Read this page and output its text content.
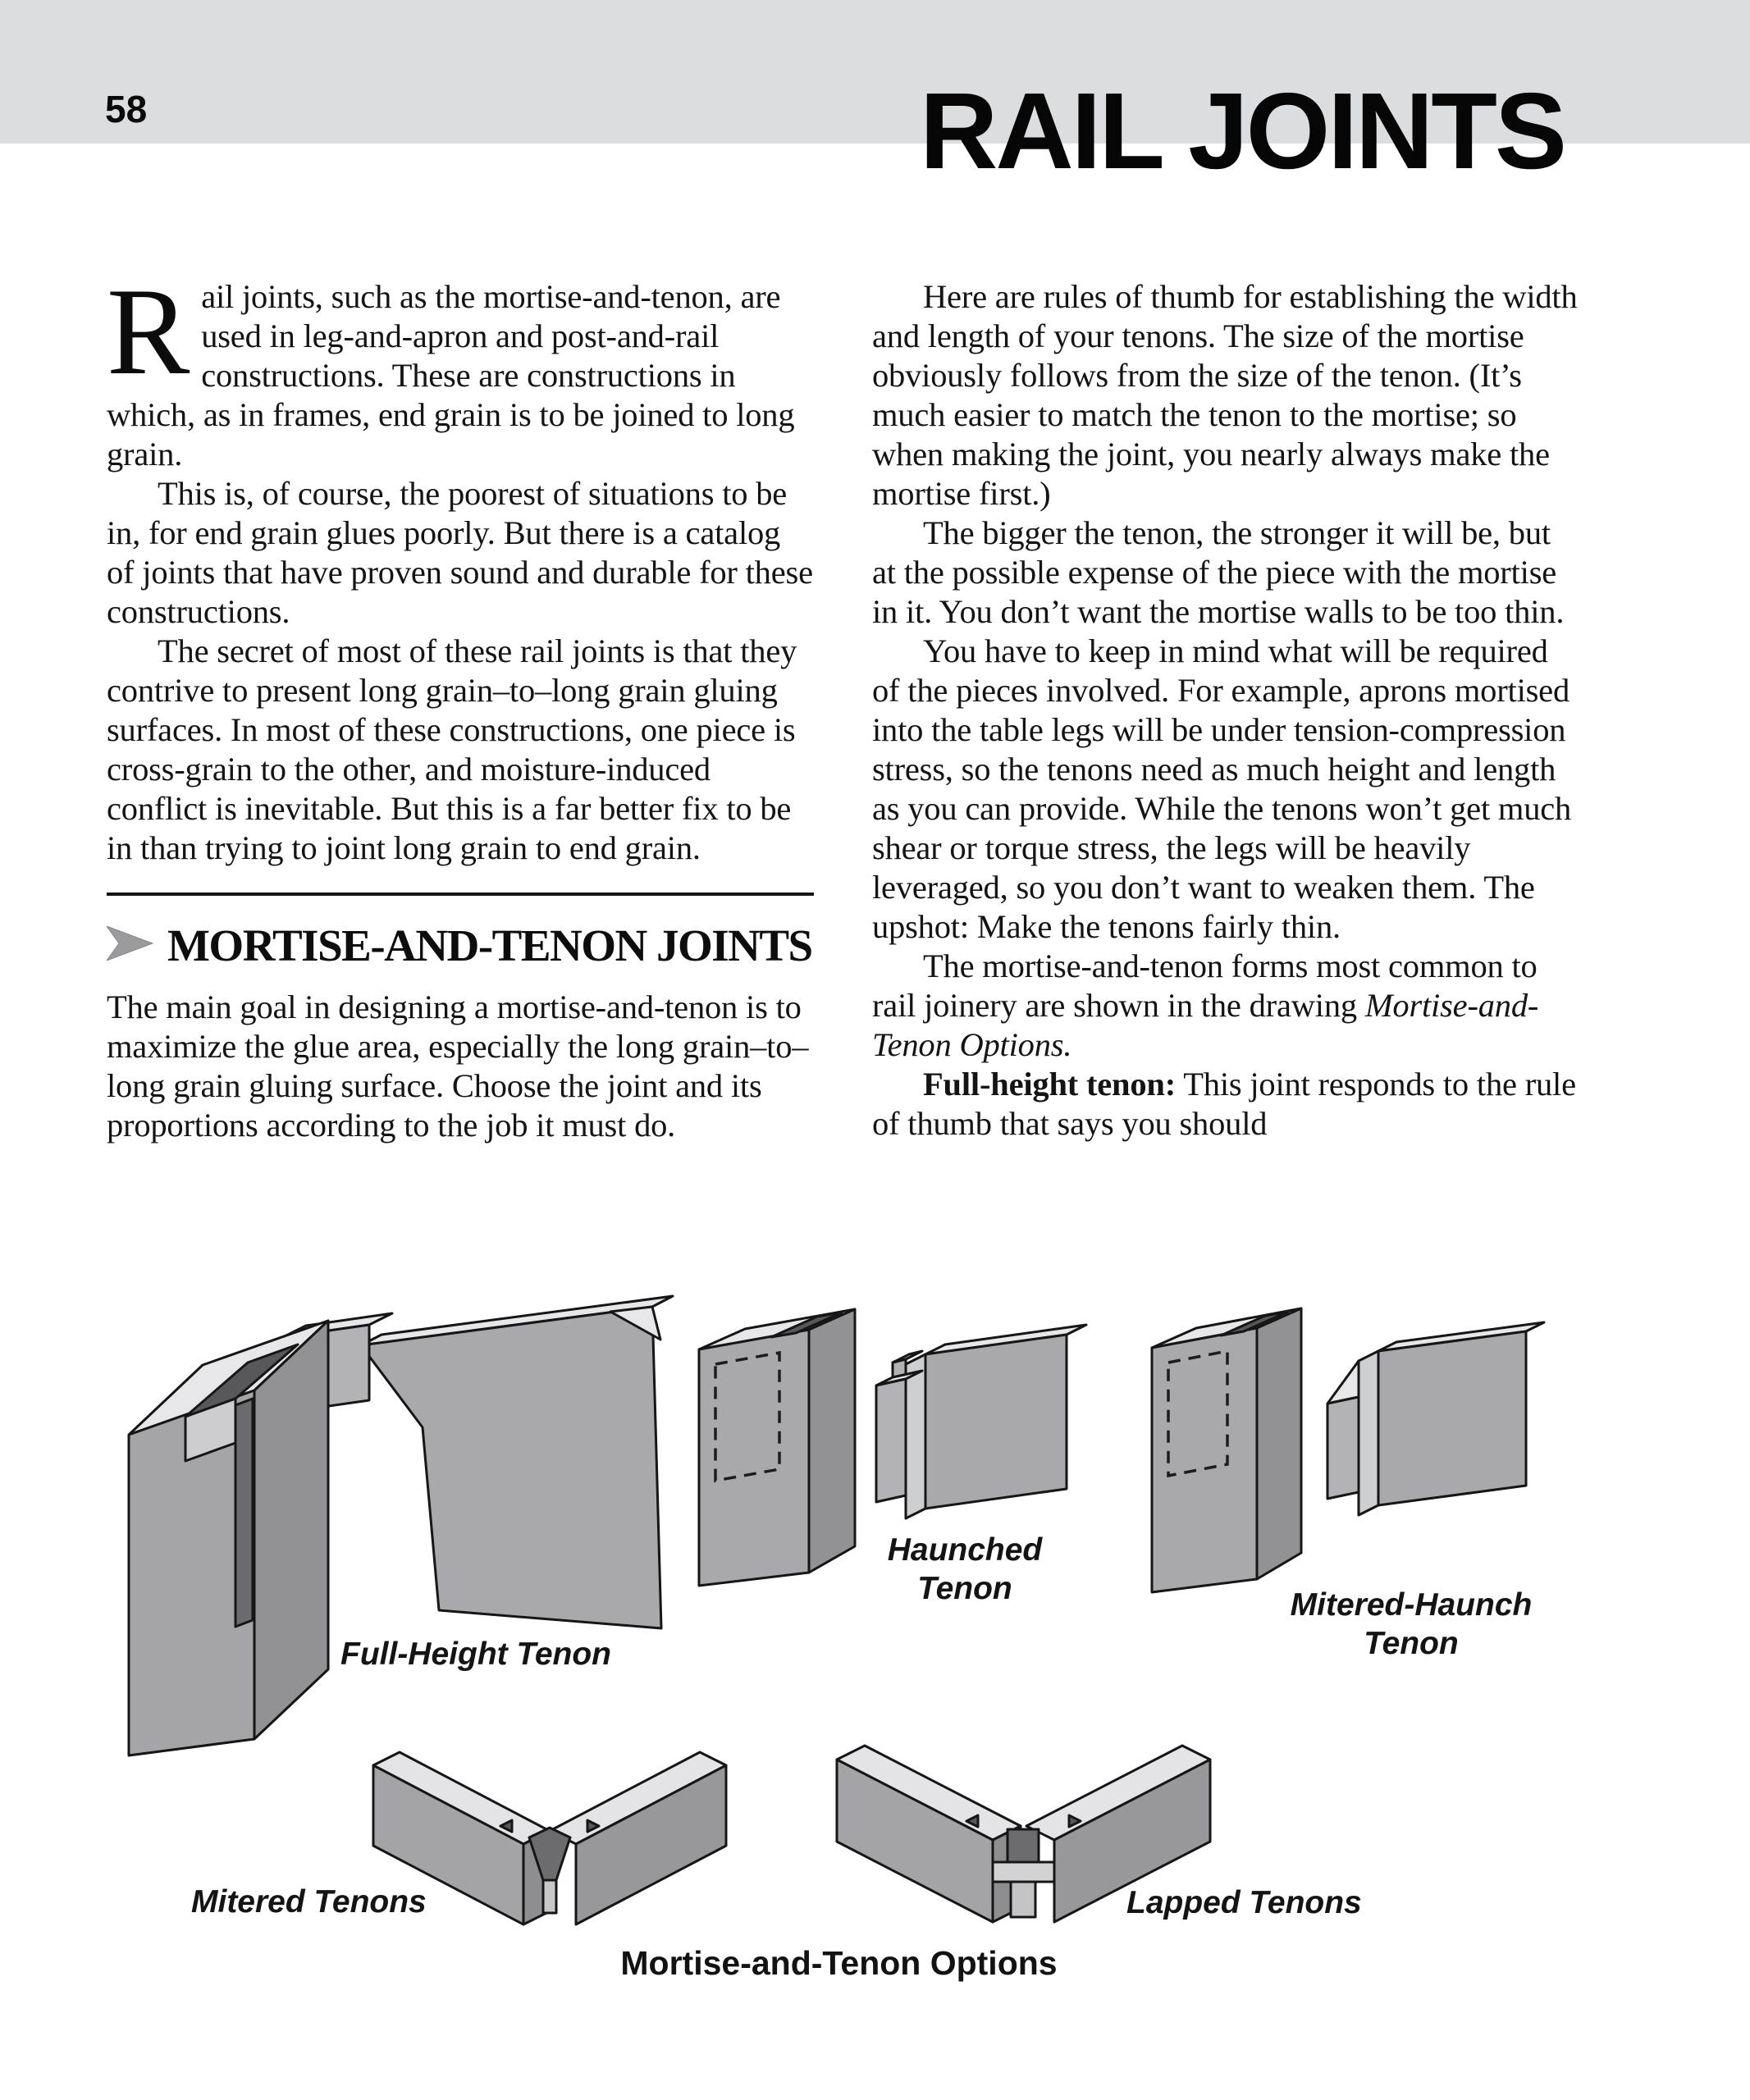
58	RAIL JOINTS

Rail joints, such as the mortise-and-tenon, are used in leg-and-apron and post-and-rail constructions. These are constructions in which, as in frames, end grain is to be joined to long grain.

This is, of course, the poorest of situations to be in, for end grain glues poorly. But there is a catalog of joints that have proven sound and durable for these constructions.

The secret of most of these rail joints is that they contrive to present long grain–to–long grain gluing surfaces. In most of these constructions, one piece is cross-grain to the other, and moisture-induced conflict is inevitable. But this is a far better fix to be in than trying to joint long grain to end grain.

MORTISE-AND-TENON JOINTS

The main goal in designing a mortise-and-tenon is to maximize the glue area, especially the long grain–to–long grain gluing surface. Choose the joint and its proportions according to the job it must do.

Here are rules of thumb for establishing the width and length of your tenons. The size of the mortise obviously follows from the size of the tenon. (It’s much easier to match the tenon to the mortise; so when making the joint, you nearly always make the mortise first.)

The bigger the tenon, the stronger it will be, but at the possible expense of the piece with the mortise in it. You don’t want the mortise walls to be too thin.

You have to keep in mind what will be required of the pieces involved. For example, aprons mortised into the table legs will be under tension-compression stress, so the tenons need as much height and length as you can provide. While the tenons won’t get much shear or torque stress, the legs will be heavily leveraged, so you don’t want to weaken them. The upshot: Make the tenons fairly thin.

The mortise-and-tenon forms most common to rail joinery are shown in the drawing Mortise-and-Tenon Options.

Full-height tenon: This joint responds to the rule of thumb that says you should

Full-Height Tenon
Haunched
Tenon	Mitered-Haunch
Tenon
Mitered Tenons	Lapped Tenons
Mortise-and-Tenon Options
